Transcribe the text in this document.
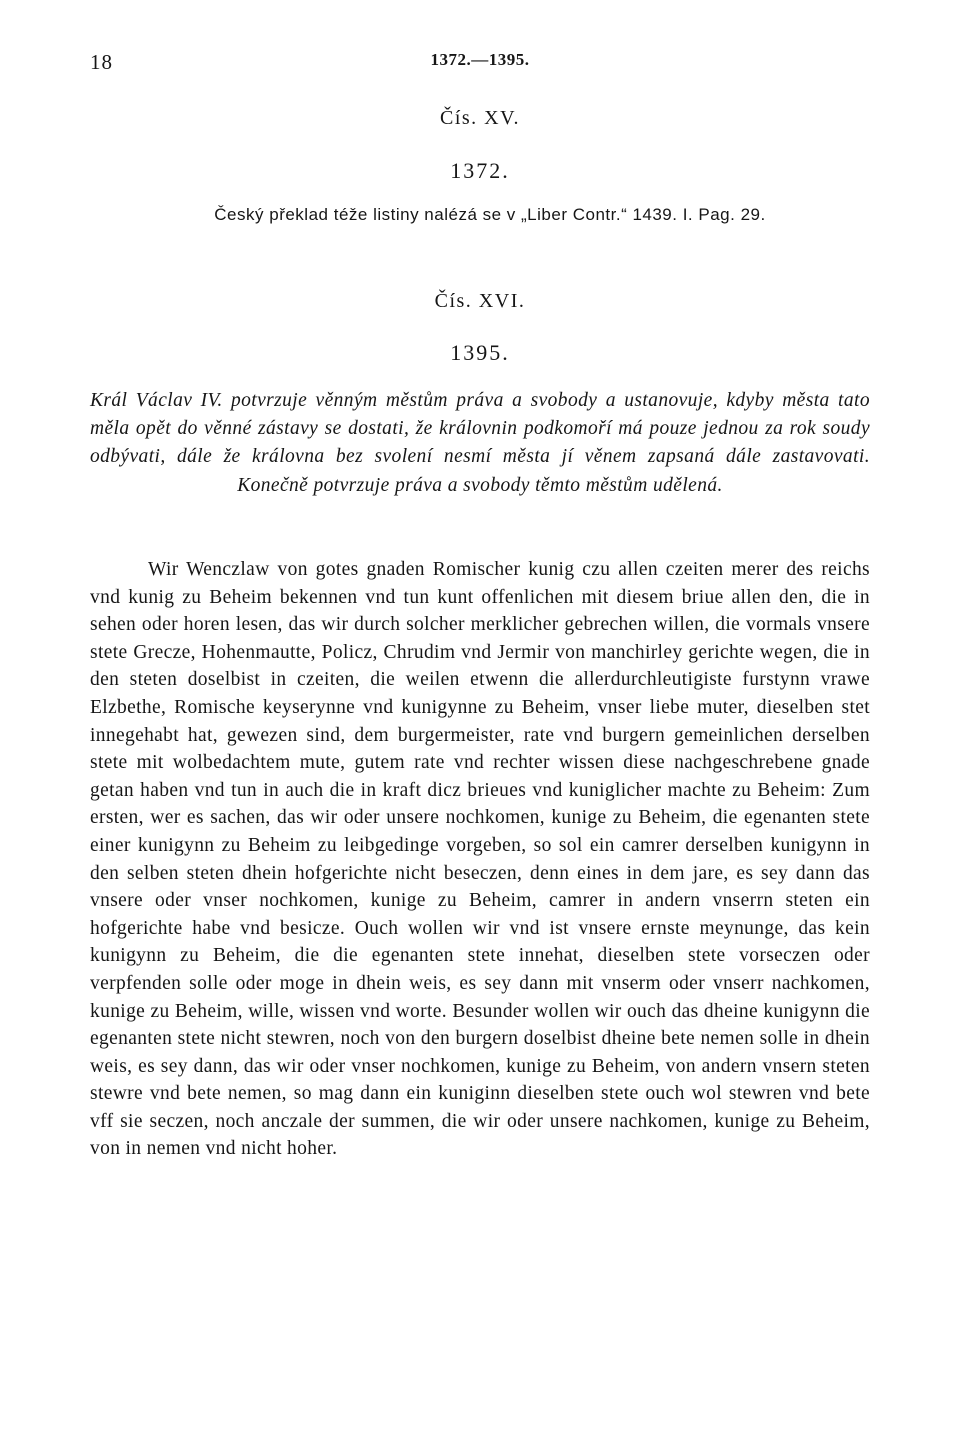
18	1372.—1395.
Čís. XV.
1372.
Český překlad téže listiny nalézá se v „Liber Contr.“ 1439. I. Pag. 29.
Čís. XVI.
1395.
Král Václav IV. potvrzuje věnným městům práva a svobody a ustanovuje, kdyby města tato měla opět do věnné zástavy se dostati, že královnin podkomoří má pouze jednou za rok soudy odbývati, dále že královna bez svolení nesmí města jí věnem zapsaná dále zastavovati. Konečně potvrzuje práva a svobody těmto městům udělená.
Wir Wenczlaw von gotes gnaden Romischer kunig czu allen czeiten merer des reichs vnd kunig zu Beheim bekennen vnd tun kunt offenlichen mit diesem briue allen den, die in sehen oder horen lesen, das wir durch solcher merklicher gebrechen willen, die vormals vnsere stete Grecze, Hohenmautte, Policz, Chrudim vnd Jermir von manchirley gerichte wegen, die in den steten doselbist in czeiten, die weilen etwenn die allerdurchleutigiste furstynn vrawe Elzbethe, Romische keyserynne vnd kunigynne zu Beheim, vnser liebe muter, dieselben stet innegehabt hat, gewezen sind, dem burgermeister, rate vnd burgern gemeinlichen derselben stete mit wolbedachtem mute, gutem rate vnd rechter wissen diese nachgeschrebene gnade getan haben vnd tun in auch die in kraft dicz brieues vnd kuniglicher machte zu Beheim: Zum ersten, wer es sachen, das wir oder unsere nochkomen, kunige zu Beheim, die egenanten stete einer kunigynn zu Beheim zu leibgedinge vorgeben, so sol ein camrer derselben kunigynn in den selben steten dhein hofgerichte nicht beseczen, denn eines in dem jare, es sey dann das vnsere oder vnser nochkomen, kunige zu Beheim, camrer in andern vnserrn steten ein hofgerichte habe vnd besicze. Ouch wollen wir vnd ist vnsere ernste meynunge, das kein kunigynn zu Beheim, die die egenanten stete innehat, dieselben stete vorseczen oder verpfenden solle oder moge in dhein weis, es sey dann mit vnserm oder vnserr nachkomen, kunige zu Beheim, wille, wissen vnd worte. Besunder wollen wir ouch das dheine kunigynn die egenanten stete nicht stewren, noch von den burgern doselbist dheine bete nemen solle in dhein weis, es sey dann, das wir oder vnser nochkomen, kunige zu Beheim, von andern vnsern steten stewre vnd bete nemen, so mag dann ein kuniginn dieselben stete ouch wol stewren vnd bete vff sie seczen, noch anczale der summen, die wir oder unsere nachkomen, kunige zu Beheim, von in nemen vnd nicht hoher.
